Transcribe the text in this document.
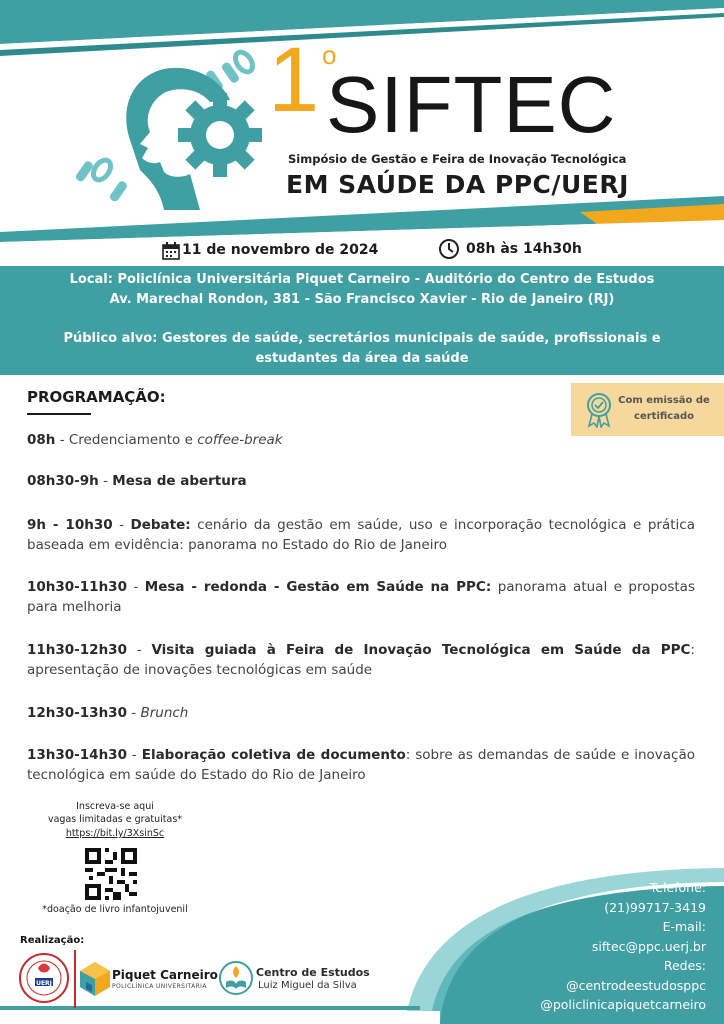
1 o
SIFTEC
Simpósio de Gestão e Feira de Inovação Tecnológica
EM SAÚDE DA PPC/UERJ
11 de novembro de 2024	08h às 14h30h
Local: Policlínica Universitária Piquet Carneiro - Auditório do Centro de Estudos
Av. Marechal Rondon, 381 - São Francisco Xavier - Rio de Janeiro (RJ)
Público alvo: Gestores de saúde, secretários municipais de saúde, profissionais e
estudantes da área da saúde
PROGRAMAÇÃO:	Com emissão de certificado
08h - Credenciamento e coffee-break
08h30-9h - Mesa de abertura
9h - 10h30 - Debate: cenário da gestão em saúde, uso e incorporação tecnológica e prática baseada em evidência: panorama no Estado do Rio de Janeiro
10h30-11h30 - Mesa - redonda - Gestão em Saúde na PPC: panorama atual e propostas para melhoria
11h30-12h30 - Visita guiada à Feira de Inovação Tecnológica em Saúde da PPC: apresentação de inovações tecnológicas em saúde
12h30-13h30 - Brunch
13h30-14h30 - Elaboração coletiva de documento: sobre as demandas de saúde e inovação tecnológica em saúde do Estado do Rio de Janeiro
Inscreva-se aqui
vagas limitadas e gratuitas*
https://bit.ly/3XsinSc
*doação de livro infantojuvenil
Telefone:
(21)99717-3419
E-mail:
siftec@ppc.uerj.br
Redes:
@centrodeestudosppc
@policlinicapiquetcarneiro
Realização:
UERJ
Piquet Carneiro
POLICLÍNICA UNIVERSITÁRIA
Centro de Estudos
Luiz Miguel da Silva
